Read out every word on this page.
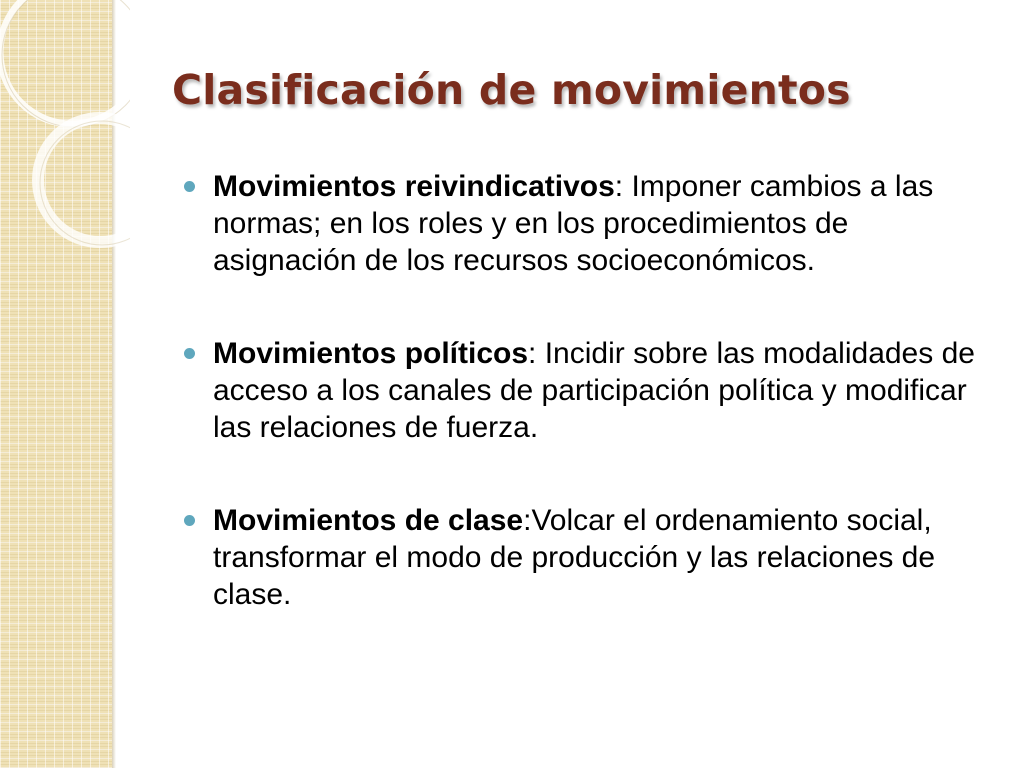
Clasificación de movimientos
Movimientos reivindicativos: Imponer cambios a las normas; en los roles y en los procedimientos de asignación de los recursos socioeconómicos.
Movimientos políticos: Incidir sobre las modalidades de acceso a los canales de participación política y modificar las relaciones de fuerza.
Movimientos de clase:Volcar el ordenamiento social, transformar el modo de producción y las relaciones de clase.
